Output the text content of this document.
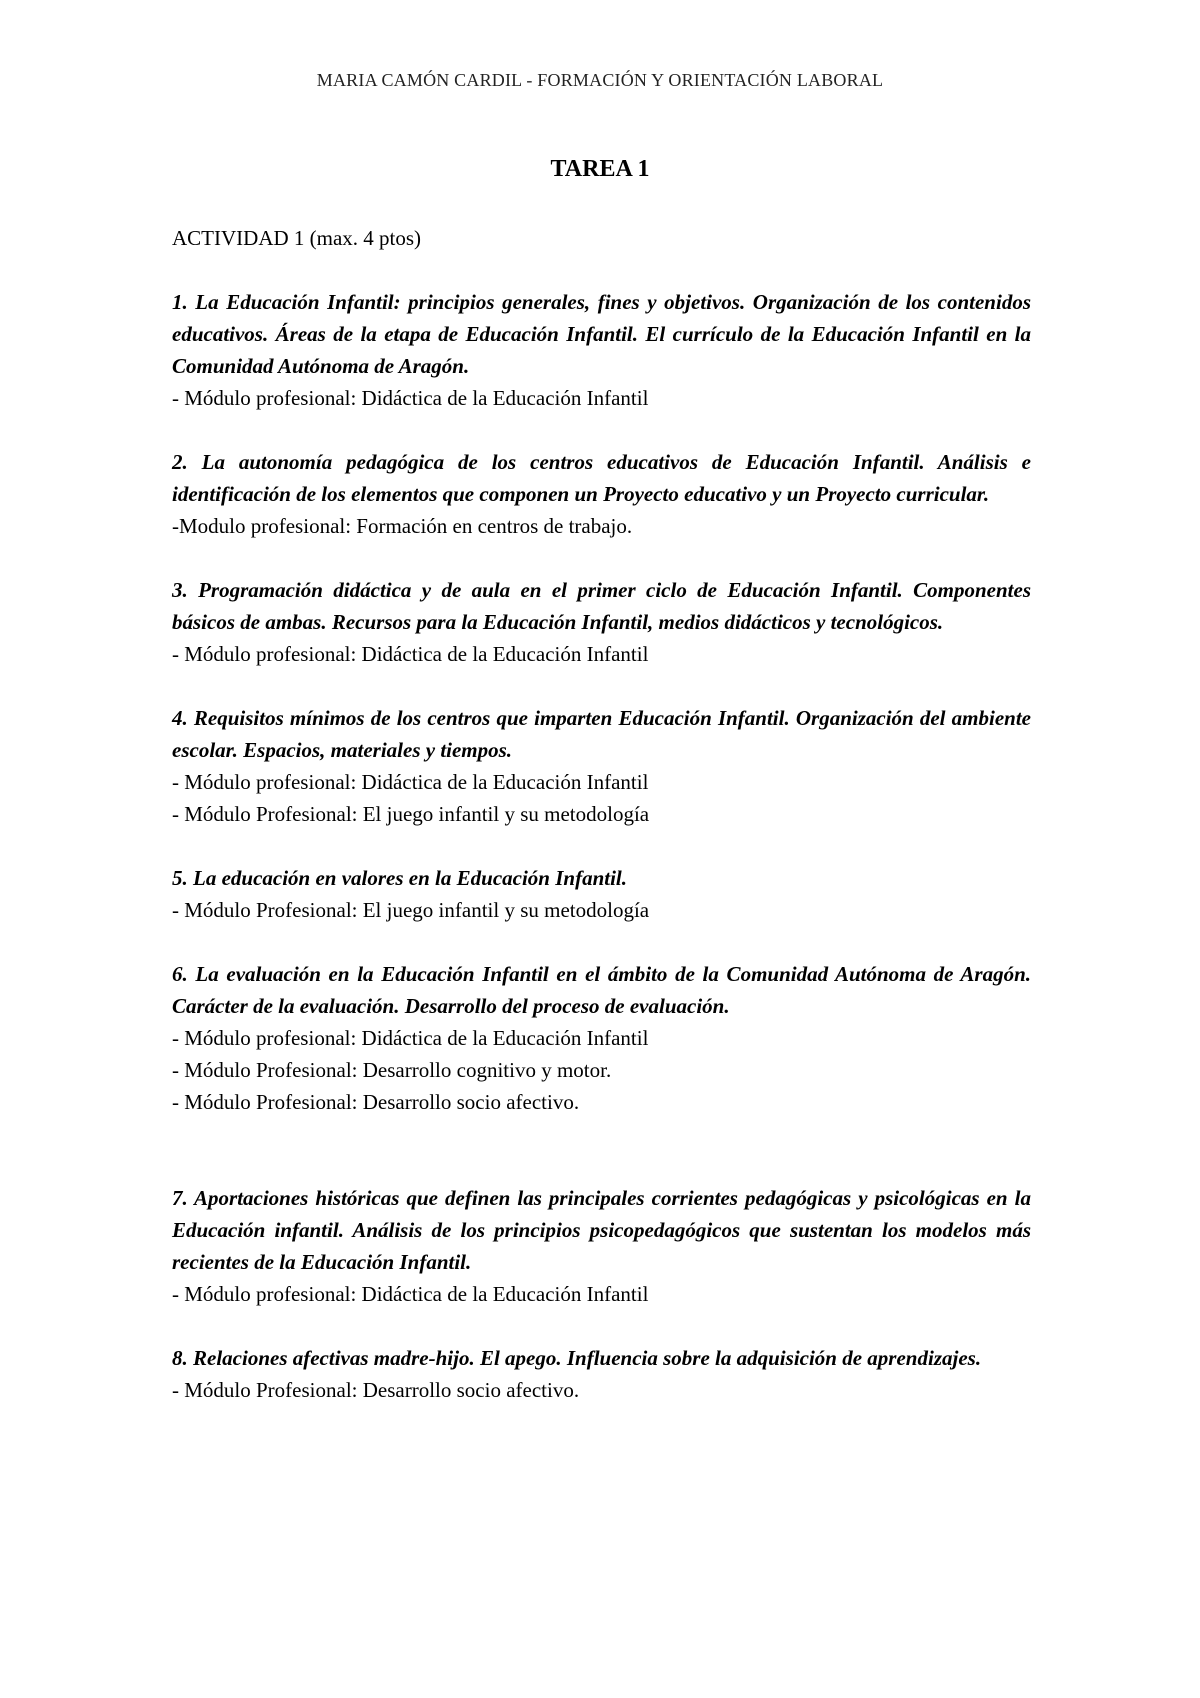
MARIA CAMÓN CARDIL - FORMACIÓN Y ORIENTACIÓN LABORAL
TAREA 1

ACTIVIDAD 1 (max. 4 ptos)

1. La Educación Infantil: principios generales, fines y objetivos. Organización de los contenidos educativos. Áreas de la etapa de Educación Infantil. El currículo de la Educación Infantil en la Comunidad Autónoma de Aragón.

- Módulo profesional: Didáctica de la Educación Infantil

2. La autonomía pedagógica de los centros educativos de Educación Infantil. Análisis e identificación de los elementos que componen un Proyecto educativo y un Proyecto curricular.

-Modulo profesional: Formación en centros de trabajo.

3. Programación didáctica y de aula en el primer ciclo de Educación Infantil. Componentes básicos de ambas. Recursos para la Educación Infantil, medios didácticos y tecnológicos.

- Módulo profesional: Didáctica de la Educación Infantil

4. Requisitos mínimos de los centros que imparten Educación Infantil. Organización del ambiente escolar. Espacios, materiales y tiempos.

- Módulo profesional: Didáctica de la Educación Infantil

- Módulo Profesional: El juego infantil y su metodología

5. La educación en valores en la Educación Infantil.

- Módulo Profesional: El juego infantil y su metodología

6. La evaluación en la Educación Infantil en el ámbito de la Comunidad Autónoma de Aragón. Carácter de la evaluación. Desarrollo del proceso de evaluación.

- Módulo profesional: Didáctica de la Educación Infantil

- Módulo Profesional: Desarrollo cognitivo y motor.

- Módulo Profesional: Desarrollo socio afectivo.

7. Aportaciones históricas que definen las principales corrientes pedagógicas y psicológicas en la Educación infantil. Análisis de los principios psicopedagógicos que sustentan los modelos más recientes de la Educación Infantil.

- Módulo profesional: Didáctica de la Educación Infantil

8. Relaciones afectivas madre-hijo. El apego. Influencia sobre la adquisición de aprendizajes.

- Módulo Profesional: Desarrollo socio afectivo.
